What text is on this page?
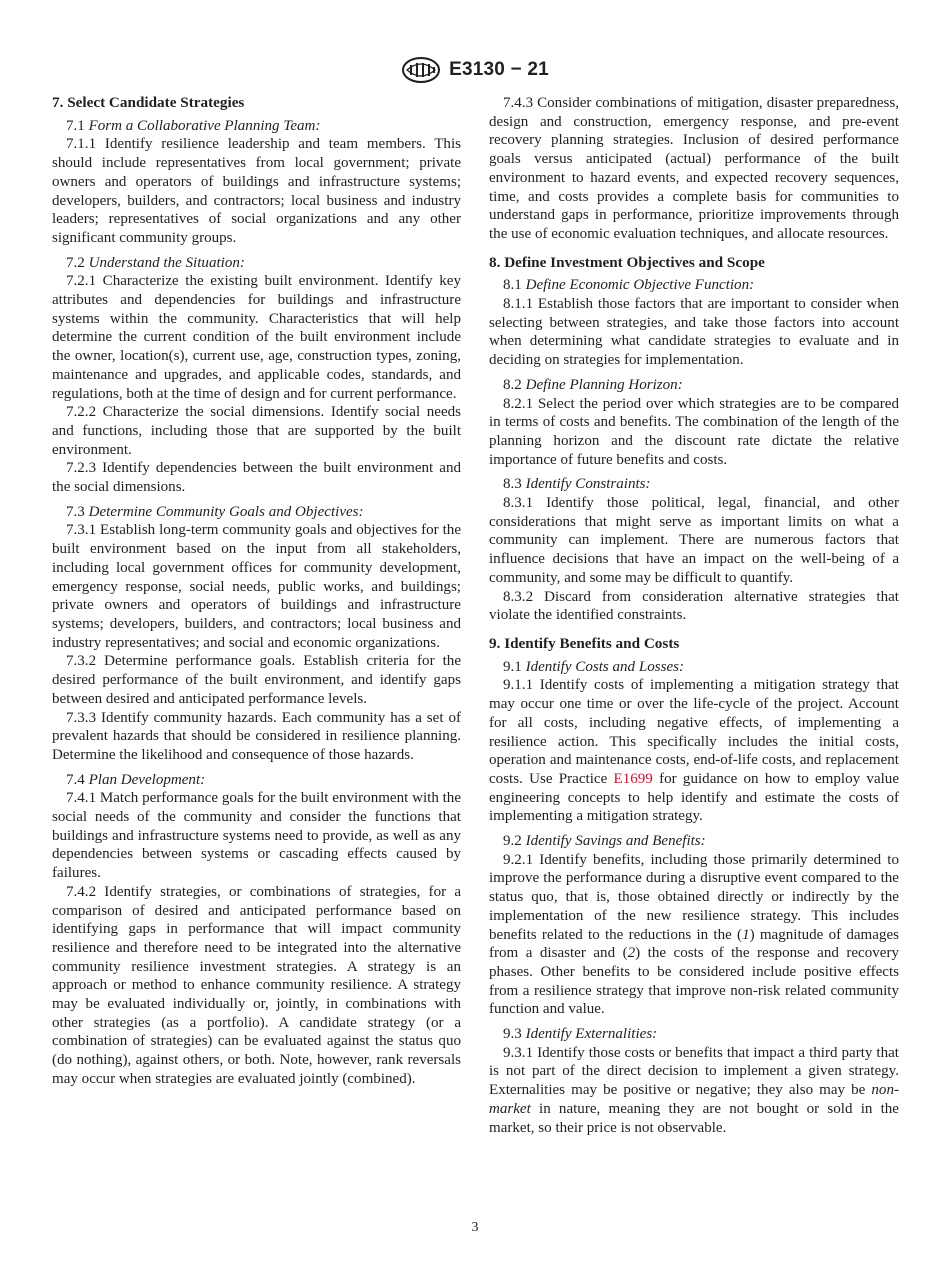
E3130 − 21
7. Select Candidate Strategies

7.1 Form a Collaborative Planning Team:

7.1.1 Identify resilience leadership and team members. This should include representatives from local government; private owners and operators of buildings and infrastructure systems; developers, builders, and contractors; local business and industry leaders; representatives of social organizations and any other significant community groups.

7.2 Understand the Situation:

7.2.1 Characterize the existing built environment. Identify key attributes and dependencies for buildings and infrastructure systems within the community. Characteristics that will help determine the current condition of the built environment include the owner, location(s), current use, age, construction types, zoning, maintenance and upgrades, and applicable codes, standards, and regulations, both at the time of design and for current performance.

7.2.2 Characterize the social dimensions. Identify social needs and functions, including those that are supported by the built environment.

7.2.3 Identify dependencies between the built environment and the social dimensions.

7.3 Determine Community Goals and Objectives:

7.3.1 Establish long-term community goals and objectives for the built environment based on the input from all stakeholders, including local government offices for community development, emergency response, social needs, public works, and buildings; private owners and operators of buildings and infrastructure systems; developers, builders, and contractors; local business and industry representatives; and social and economic organizations.

7.3.2 Determine performance goals. Establish criteria for the desired performance of the built environment, and identify gaps between desired and anticipated performance levels.

7.3.3 Identify community hazards. Each community has a set of prevalent hazards that should be considered in resilience planning. Determine the likelihood and consequence of those hazards.

7.4 Plan Development:

7.4.1 Match performance goals for the built environment with the social needs of the community and consider the functions that buildings and infrastructure systems need to provide, as well as any dependencies between systems or cascading effects caused by failures.

7.4.2 Identify strategies, or combinations of strategies, for a comparison of desired and anticipated performance based on identifying gaps in performance that will impact community resilience and therefore need to be integrated into the alternative community resilience investment strategies. A strategy is an approach or method to enhance community resilience. A strategy may be evaluated individually or, jointly, in combinations with other strategies (as a portfolio). A candidate strategy (or a combination of strategies) can be evaluated against the status quo (do nothing), against others, or both. Note, however, rank reversals may occur when strategies are evaluated jointly (combined).

7.4.3 Consider combinations of mitigation, disaster preparedness, design and construction, emergency response, and pre-event recovery planning strategies. Inclusion of desired performance goals versus anticipated (actual) performance of the built environment to hazard events, and expected recovery sequences, time, and costs provides a complete basis for communities to understand gaps in performance, prioritize improvements through the use of economic evaluation techniques, and allocate resources.

8. Define Investment Objectives and Scope

8.1 Define Economic Objective Function:

8.1.1 Establish those factors that are important to consider when selecting between strategies, and take those factors into account when determining what candidate strategies to evaluate and in deciding on strategies for implementation.

8.2 Define Planning Horizon:

8.2.1 Select the period over which strategies are to be compared in terms of costs and benefits. The combination of the length of the planning horizon and the discount rate dictate the relative importance of future benefits and costs.

8.3 Identify Constraints:

8.3.1 Identify those political, legal, financial, and other considerations that might serve as important limits on what a community can implement. There are numerous factors that influence decisions that have an impact on the well-being of a community, and some may be difficult to quantify.

8.3.2 Discard from consideration alternative strategies that violate the identified constraints.

9. Identify Benefits and Costs

9.1 Identify Costs and Losses:

9.1.1 Identify costs of implementing a mitigation strategy that may occur one time or over the life-cycle of the project. Account for all costs, including negative effects, of implementing a resilience action. This specifically includes the initial costs, operation and maintenance costs, end-of-life costs, and replacement costs. Use Practice E1699 for guidance on how to employ value engineering concepts to help identify and estimate the costs of implementing a mitigation strategy.

9.2 Identify Savings and Benefits:

9.2.1 Identify benefits, including those primarily determined to improve the performance during a disruptive event compared to the status quo, that is, those obtained directly or indirectly by the implementation of the new resilience strategy. This includes benefits related to the reductions in the (1) magnitude of damages from a disaster and (2) the costs of the response and recovery phases. Other benefits to be considered include positive effects from a resilience strategy that improve non-risk related community function and value.

9.3 Identify Externalities:

9.3.1 Identify those costs or benefits that impact a third party that is not part of the direct decision to implement a given strategy. Externalities may be positive or negative; they also may be non-market in nature, meaning they are not bought or sold in the market, so their price is not observable.

3
